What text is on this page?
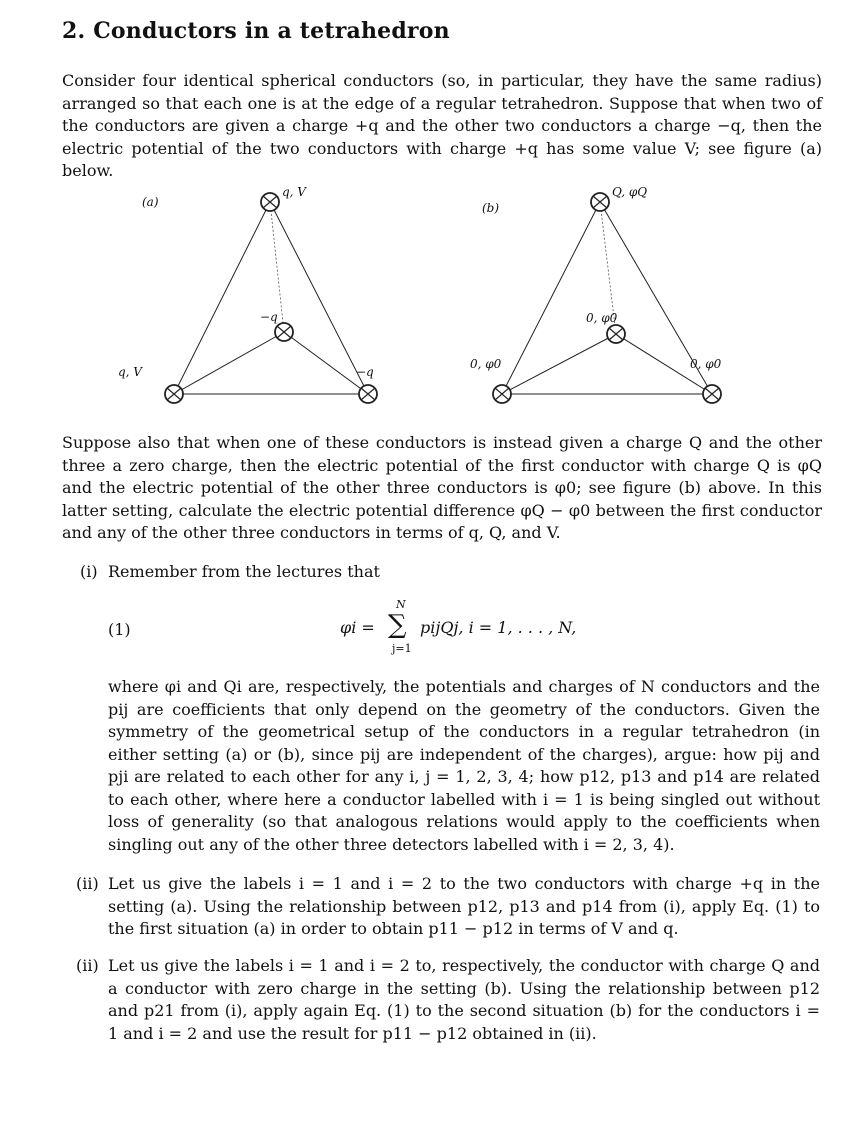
2. Conductors in a tetrahedron

Consider four identical spherical conductors (so, in particular, they have the same radius) arranged so that each one is at the edge of a regular tetrahedron. Suppose that when two of the conductors are given a charge +q and the other two conductors a charge −q, then the electric potential of the two conductors with charge +q has some value V; see figure (a) below.

(a)
q, V
−q
q, V	−q
(b)
Q, φQ
0, φ0
0, φ0	0, φ0

Suppose also that when one of these conductors is instead given a charge Q and the other three a zero charge, then the electric potential of the first conductor with charge Q is φQ and the electric potential of the other three conductors is φ0; see figure (b) above. In this latter setting, calculate the electric potential difference φQ − φ0 between the first conductor and any of the other three conductors in terms of q, Q, and V.

(i) Remember from the lectures that
(1)	φi =
N
∑
j=1
pijQj, i = 1, . . . , N,

where φi and Qi are, respectively, the potentials and charges of N conductors and the pij are coefficients that only depend on the geometry of the conductors. Given the symmetry of the geometrical setup of the conductors in a regular tetrahedron (in either setting (a) or (b), since pij are independent of the charges), argue: how pij and pji are related to each other for any i, j = 1, 2, 3, 4; how p12, p13 and p14 are related to each other, where here a conductor labelled with i = 1 is being singled out without loss of generality (so that analogous relations would apply to the coefficients when singling out any of the other three detectors labelled with i = 2, 3, 4).

(ii) Let us give the labels i = 1 and i = 2 to the two conductors with charge +q in the setting (a). Using the relationship between p12, p13 and p14 from (i), apply Eq. (1) to the first situation (a) in order to obtain p11 − p12 in terms of V and q.

(ii) Let us give the labels i = 1 and i = 2 to, respectively, the conductor with charge Q and a conductor with zero charge in the setting (b). Using the relationship between p12 and p21 from (i), apply again Eq. (1) to the second situation (b) for the conductors i = 1 and i = 2 and use the result for p11 − p12 obtained in (ii).
